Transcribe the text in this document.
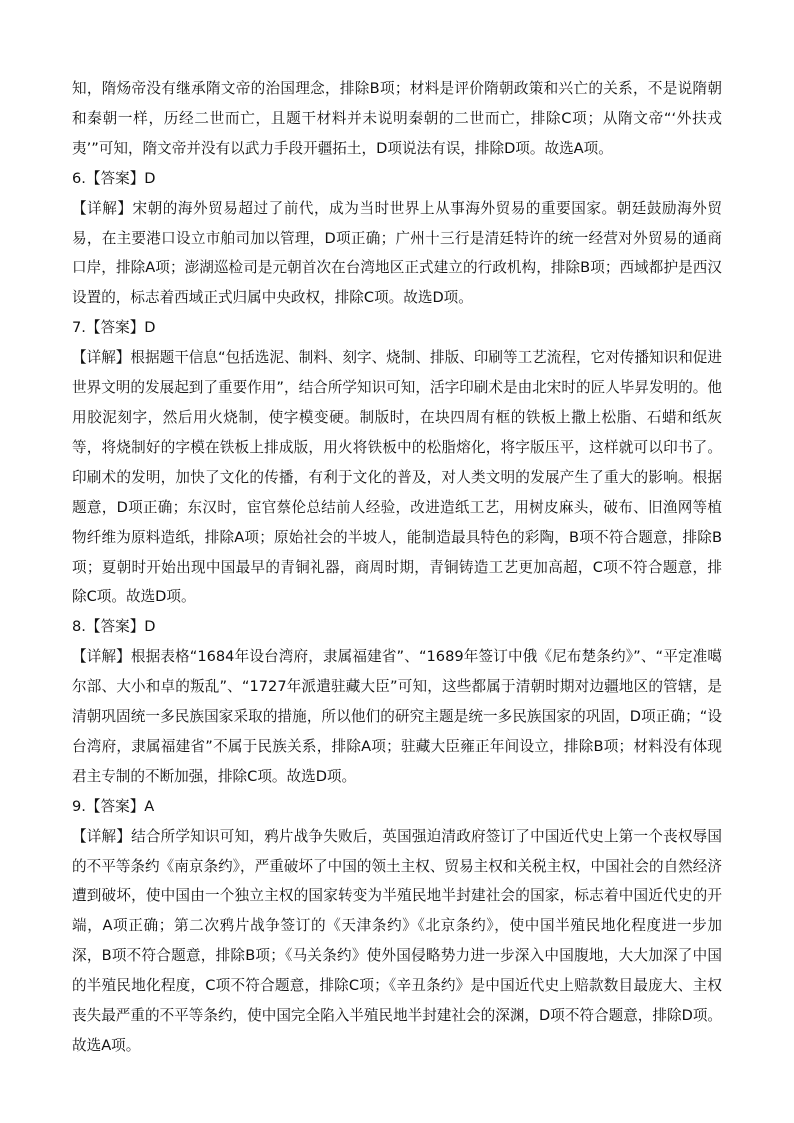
知，隋炀帝没有继承隋文帝的治国理念，排除B项；材料是评价隋朝政策和兴亡的关系，不是说隋朝和秦朝一样，历经二世而亡，且题干材料并未说明秦朝的二世而亡，排除C项；从隋文帝“‘外扶戎夷’”可知，隋文帝并没有以武力手段开疆拓土，D项说法有误，排除D项。故选A项。

6.【答案】D

【详解】宋朝的海外贸易超过了前代，成为当时世界上从事海外贸易的重要国家。朝廷鼓励海外贸易，在主要港口设立市舶司加以管理，D项正确；广州十三行是清廷特许的统一经营对外贸易的通商口岸，排除A项；澎湖巡检司是元朝首次在台湾地区正式建立的行政机构，排除B项；西域都护是西汉设置的，标志着西域正式归属中央政权，排除C项。故选D项。

7.【答案】D

【详解】根据题干信息“包括选泥、制料、刻字、烧制、排版、印刷等工艺流程，它对传播知识和促进世界文明的发展起到了重要作用”，结合所学知识可知，活字印刷术是由北宋时的匠人毕昇发明的。他用胶泥刻字，然后用火烧制，使字模变硬。制版时，在块四周有框的铁板上撒上松脂、石蜡和纸灰等，将烧制好的字模在铁板上排成版，用火将铁板中的松脂熔化，将字版压平，这样就可以印书了。印刷术的发明，加快了文化的传播，有利于文化的普及，对人类文明的发展产生了重大的影响。根据题意，D项正确；东汉时，宦官蔡伦总结前人经验，改进造纸工艺，用树皮麻头，破布、旧渔网等植物纤维为原料造纸，排除A项；原始社会的半坡人，能制造最具特色的彩陶，B项不符合题意，排除B项；夏朝时开始出现中国最早的青铜礼器，商周时期，青铜铸造工艺更加高超，C项不符合题意，排除C项。故选D项。

8.【答案】D

【详解】根据表格“1684年设台湾府，隶属福建省”、“1689年签订中俄《尼布楚条约》”、“平定准噶尔部、大小和卓的叛乱”、“1727年派遣驻藏大臣”可知，这些都属于清朝时期对边疆地区的管辖，是清朝巩固统一多民族国家采取的措施，所以他们的研究主题是统一多民族国家的巩固，D项正确；“设台湾府，隶属福建省”不属于民族关系，排除A项；驻藏大臣雍正年间设立，排除B项；材料没有体现君主专制的不断加强，排除C项。故选D项。

9.【答案】A

【详解】结合所学知识可知，鸦片战争失败后，英国强迫清政府签订了中国近代史上第一个丧权辱国的不平等条约《南京条约》，严重破坏了中国的领土主权、贸易主权和关税主权，中国社会的自然经济遭到破坏，使中国由一个独立主权的国家转变为半殖民地半封建社会的国家，标志着中国近代史的开端，A项正确；第二次鸦片战争签订的《天津条约》《北京条约》，使中国半殖民地化程度进一步加深，B项不符合题意，排除B项；《马关条约》使外国侵略势力进一步深入中国腹地，大大加深了中国的半殖民地化程度，C项不符合题意，排除C项；《辛丑条约》是中国近代史上赔款数目最庞大、主权丧失最严重的不平等条约，使中国完全陷入半殖民地半封建社会的深渊，D项不符合题意，排除D项。故选A项。
